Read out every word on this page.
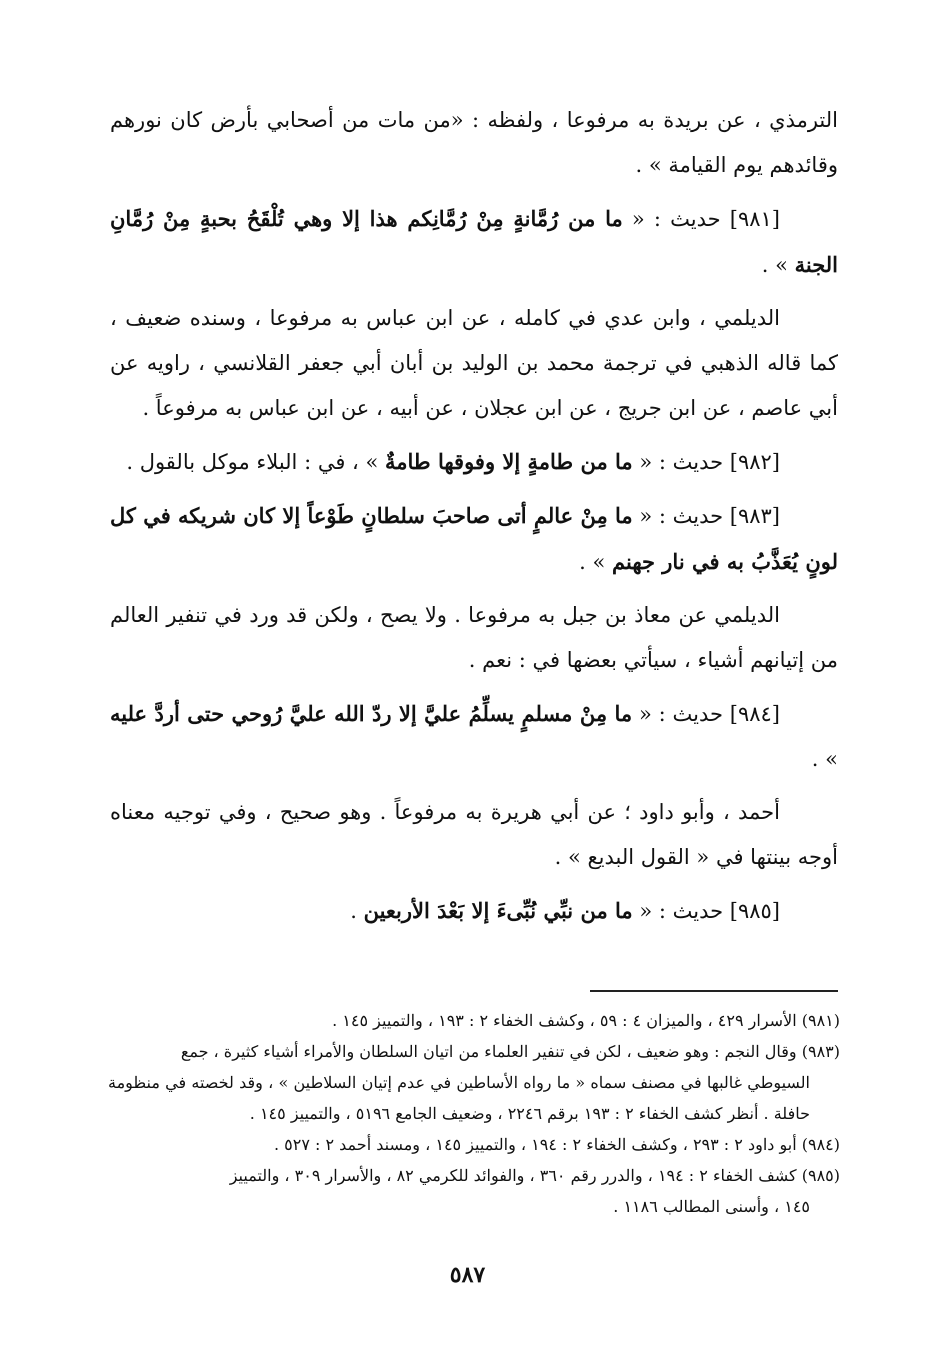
الترمذي ، عن بريدة به مرفوعا ، ولفظه : «من مات من أصحابي بأرض كان نورهم وقائدهم يوم القيامة » .

[٩٨١] حديث : « ما من رُمَّانةٍ مِنْ رُمَّانِكم هذا إلا وهي تُلْقَحُ بحبةٍ مِنْ رُمَّانِ الجنة » .

الديلمي ، وابن عدي في كامله ، عن ابن عباس به مرفوعا ، وسنده ضعيف ، كما قاله الذهبي في ترجمة محمد بن الوليد بن أبان أبي جعفر القلانسي ، راويه عن أبي عاصم ، عن ابن جريج ، عن ابن عجلان ، عن أبيه ، عن ابن عباس به مرفوعاً .

[٩٨٢] حديث : « ما من طامةٍ إلا وفوقها طامةٌ » ، في : البلاء موكل بالقول .

[٩٨٣] حديث : « ما مِنْ عالمٍ أتى صاحبَ سلطانٍ طَوْعاً إلا كان شريكه في كل لونٍ يُعَذَّبُ به في نار جهنم » .

الديلمي عن معاذ بن جبل به مرفوعا . ولا يصح ، ولكن قد ورد في تنفير العالم من إتيانهم أشياء ، سيأتي بعضها في : نعم .

[٩٨٤] حديث : « ما مِنْ مسلمٍ يسلِّمُ عليَّ إلا ردّ الله عليَّ رُوحي حتى أردَّ عليه » .

أحمد ، وأبو داود ؛ عن أبي هريرة به مرفوعاً . وهو صحيح ، وفي توجيه معناه أوجه بينتها في « القول البديع » .

[٩٨٥] حديث : « ما من نبِّي نُبِّىءَ إلا بَعْدَ الأربعين .

(٩٨١) الأسرار ٤٢٩ ، والميزان ٤ : ٥٩ ، وكشف الخفاء ٢ : ١٩٣ ، والتمييز ١٤٥ .

(٩٨٣) وقال النجم : وهو ضعيف ، لكن في تنفير العلماء من اتيان السلطان والأمراء أشياء كثيرة ، جمع
السيوطي غالبها في مصنف سماه « ما رواه الأساطين في عدم إتيان السلاطين » ، وقد لخصته في منظومة حافلة . أنظر كشف الخفاء ٢ : ١٩٣ برقم ٢٢٤٦ ، وضعيف الجامع ٥١٩٦ ، والتمييز ١٤٥ .

(٩٨٤) أبو داود ٢ : ٢٩٣ ، وكشف الخفاء ٢ : ١٩٤ ، والتمييز ١٤٥ ، ومسند أحمد ٢ : ٥٢٧ .

(٩٨٥) كشف الخفاء ٢ : ١٩٤ ، والدرر رقم ٣٦٠ ، والفوائد للكرمي ٨٢ ، والأسرار ٣٠٩ ، والتمييز
١٤٥ ، وأسنى المطالب ١١٨٦ .

٥٨٧
